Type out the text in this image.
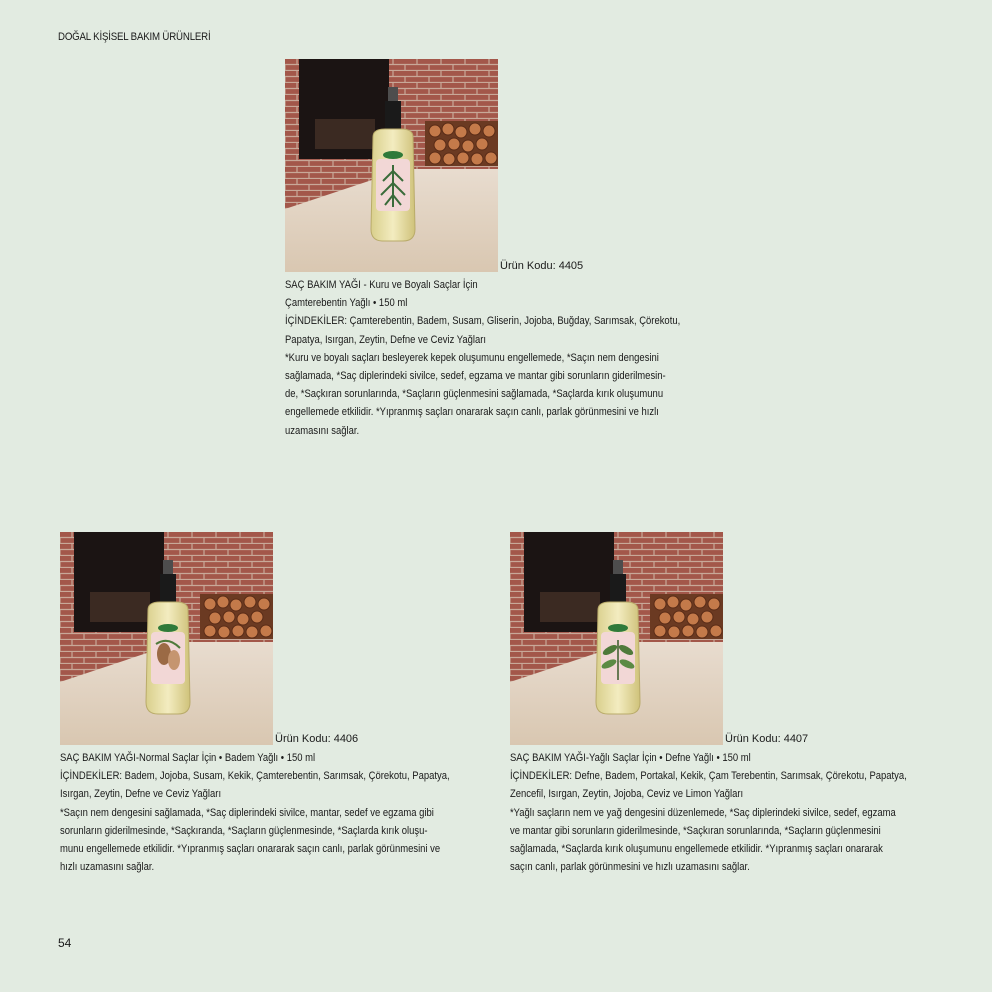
DOĞAL KİŞİSEL BAKIM ÜRÜNLERİ
Ürün Kodu: 4405
SAÇ BAKIM YAĞI - Kuru ve Boyalı Saçlar İçin
Çamterebentin Yağlı • 150 ml
İÇİNDEKİLER: Çamterebentin, Badem, Susam, Gliserin, Jojoba, Buğday, Sarımsak, Çörekotu,
Papatya, Isırgan, Zeytin, Defne ve Ceviz Yağları
*Kuru ve boyalı saçları besleyerek kepek oluşumunu engellemede, *Saçın nem dengesini
sağlamada, *Saç diplerindeki sivilce, sedef, egzama ve mantar gibi sorunların giderilmesin-
de, *Saçkıran sorunlarında, *Saçların güçlenmesini sağlamada, *Saçlarda kırık oluşumunu
engellemede etkilidir. *Yıpranmış saçları onararak saçın canlı, parlak görünmesini ve hızlı
uzamasını sağlar.
Ürün Kodu: 4406
SAÇ BAKIM YAĞI-Normal Saçlar İçin • Badem Yağlı • 150 ml
İÇİNDEKİLER: Badem, Jojoba, Susam, Kekik, Çamterebentin, Sarımsak, Çörekotu, Papatya,
Isırgan, Zeytin, Defne ve Ceviz Yağları
*Saçın nem dengesini sağlamada, *Saç diplerindeki sivilce, mantar, sedef ve egzama gibi
sorunların giderilmesinde, *Saçkıranda, *Saçların güçlenmesinde, *Saçlarda kırık oluşu-
munu engellemede etkilidir. *Yıpranmış saçları onararak saçın canlı, parlak görünmesini ve
hızlı uzamasını sağlar.
Ürün Kodu: 4407
SAÇ BAKIM YAĞI-Yağlı Saçlar İçin • Defne Yağlı • 150 ml
İÇİNDEKİLER: Defne, Badem, Portakal, Kekik, Çam Terebentin, Sarımsak, Çörekotu, Papatya,
Zencefil, Isırgan, Zeytin, Jojoba, Ceviz ve Limon Yağları
*Yağlı saçların nem ve yağ dengesini düzenlemede, *Saç diplerindeki sivilce, sedef, egzama
ve mantar gibi sorunların giderilmesinde, *Saçkıran sorunlarında, *Saçların güçlenmesini
sağlamada, *Saçlarda kırık oluşumunu engellemede etkilidir. *Yıpranmış saçları onararak
saçın canlı, parlak görünmesini ve hızlı uzamasını sağlar.
54
